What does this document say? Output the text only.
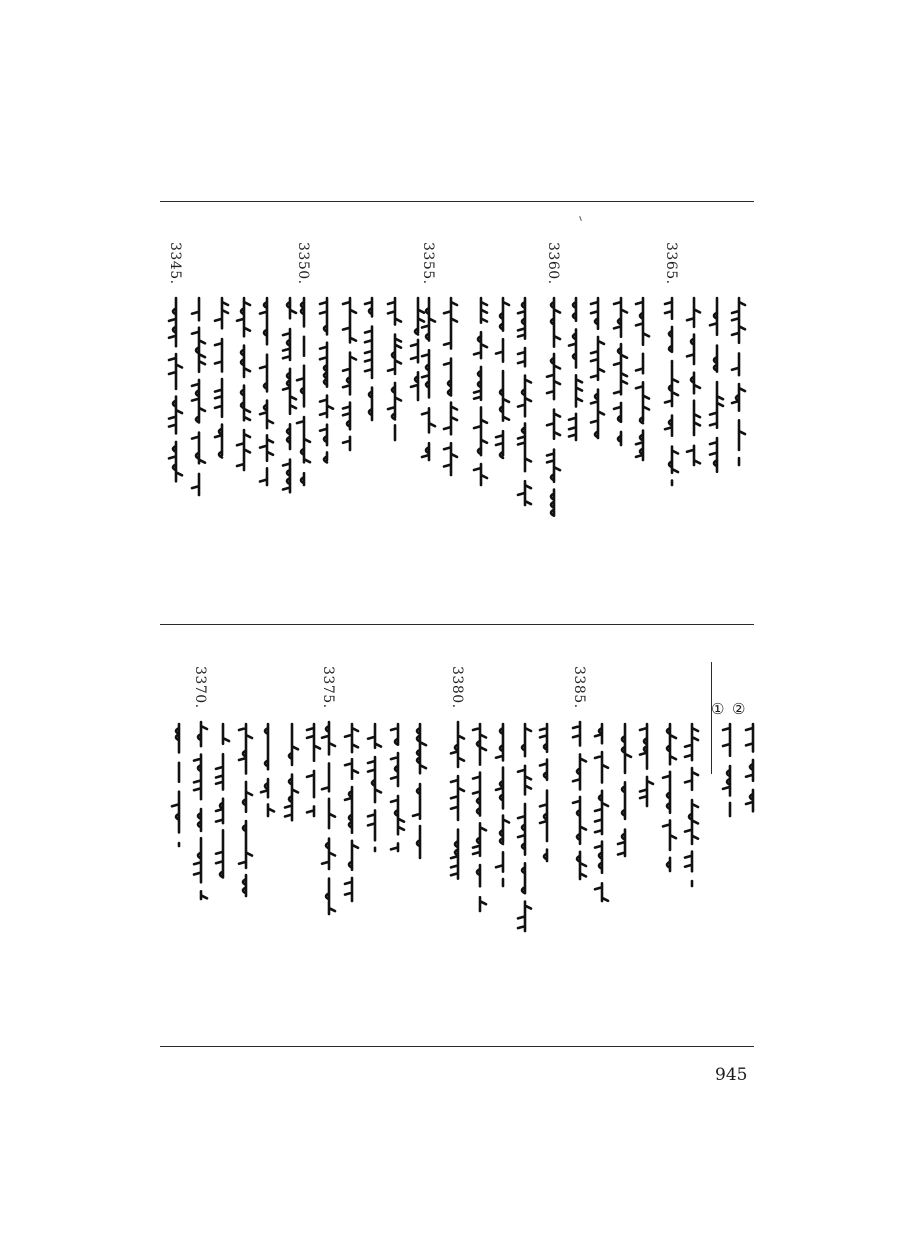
3345.	3350.	3355.	3360.	3365.
3370.	3375.	3380.	3385.
②
①
945
